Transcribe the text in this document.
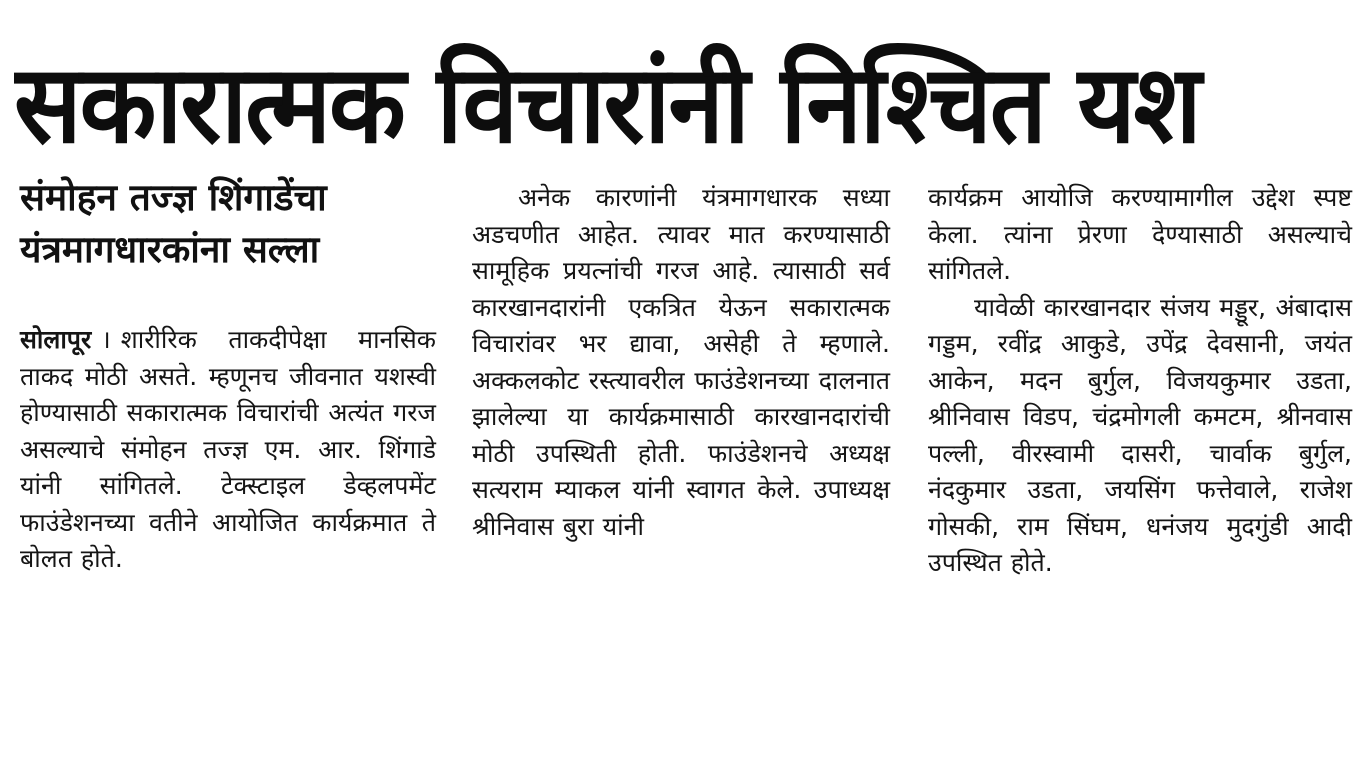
सकारात्मक विचारांनी निश्चित यश
संमोहन तज्ज्ञ शिंगाडेंचा
यंत्रमागधारकांना सल्ला

सोलापूर । शारीरिक ताकदीपेक्षा मानसिक ताकद मोठी असते. म्हणूनच जीवनात यशस्वी होण्यासाठी सकारात्मक विचारांची अत्यंत गरज असल्याचे संमोहन तज्ज्ञ एम. आर. शिंगाडे यांनी सांगितले. टेक्स्टाइल डेव्हलपमेंट फाउंडेशनच्या वतीने आयोजित कार्यक्रमात ते बोलत होते.

अनेक कारणांनी यंत्रमागधारक सध्या अडचणीत आहेत. त्यावर मात करण्यासाठी सामूहिक प्रयत्नांची गरज आहे. त्यासाठी सर्व कारखानदारांनी एकत्रित येऊन सकारात्मक विचारांवर भर द्यावा, असेही ते म्हणाले. अक्कलकोट रस्त्यावरील फाउंडेशनच्या दालनात झालेल्या या कार्यक्रमासाठी कारखानदारांची मोठी उपस्थिती होती. फाउंडेशनचे अध्यक्ष सत्यराम म्याकल यांनी स्वागत केले. उपाध्यक्ष श्रीनिवास बुरा यांनी

कार्यक्रम आयोजि करण्यामागील उद्देश स्पष्ट केला. त्यांना प्रेरणा देण्यासाठी असल्याचे सांगितले.

यावेळी कारखानदार संजय मड्डूर, अंबादास गड्डम, रवींद्र आकुडे, उपेंद्र देवसानी, जयंत आकेन, मदन बुर्गुल, विजयकुमार उडता, श्रीनिवास विडप, चंद्रमोगली कमटम, श्रीनवास पल्ली, वीरस्वामी दासरी, चार्वाक बुर्गुल, नंदकुमार उडता, जयसिंग फत्तेवाले, राजेश गोसकी, राम सिंघम, धनंजय मुदगुंडी आदी उपस्थित होते.
